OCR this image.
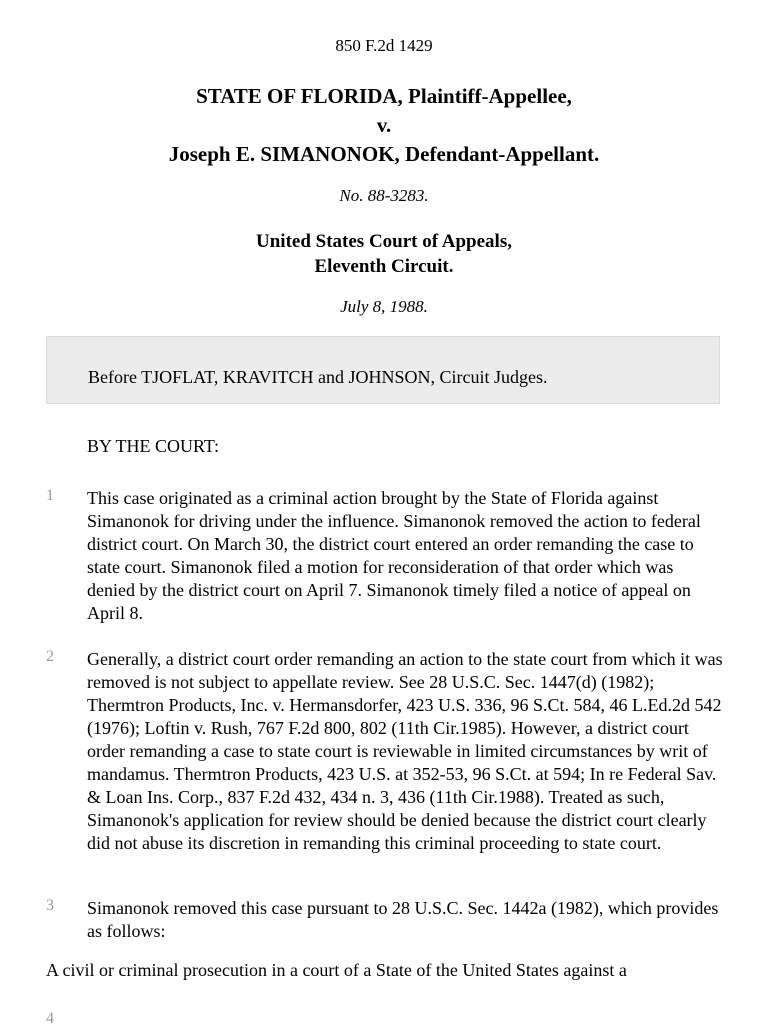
850 F.2d 1429
STATE OF FLORIDA, Plaintiff-Appellee,
v.
Joseph E. SIMANONOK, Defendant-Appellant.
No. 88-3283.
United States Court of Appeals,
Eleventh Circuit.
July 8, 1988.
Before TJOFLAT, KRAVITCH and JOHNSON, Circuit Judges.
BY THE COURT:
1 This case originated as a criminal action brought by the State of Florida against Simanonok for driving under the influence. Simanonok removed the action to federal district court. On March 30, the district court entered an order remanding the case to state court. Simanonok filed a motion for reconsideration of that order which was denied by the district court on April 7. Simanonok timely filed a notice of appeal on April 8.
2 Generally, a district court order remanding an action to the state court from which it was removed is not subject to appellate review. See 28 U.S.C. Sec. 1447(d) (1982); Thermtron Products, Inc. v. Hermansdorfer, 423 U.S. 336, 96 S.Ct. 584, 46 L.Ed.2d 542 (1976); Loftin v. Rush, 767 F.2d 800, 802 (11th Cir.1985). However, a district court order remanding a case to state court is reviewable in limited circumstances by writ of mandamus. Thermtron Products, 423 U.S. at 352-53, 96 S.Ct. at 594; In re Federal Sav. & Loan Ins. Corp., 837 F.2d 432, 434 n. 3, 436 (11th Cir.1988). Treated as such, Simanonok's application for review should be denied because the district court clearly did not abuse its discretion in remanding this criminal proceeding to state court.
3 Simanonok removed this case pursuant to 28 U.S.C. Sec. 1442a (1982), which provides as follows:
A civil or criminal prosecution in a court of a State of the United States against a
4
